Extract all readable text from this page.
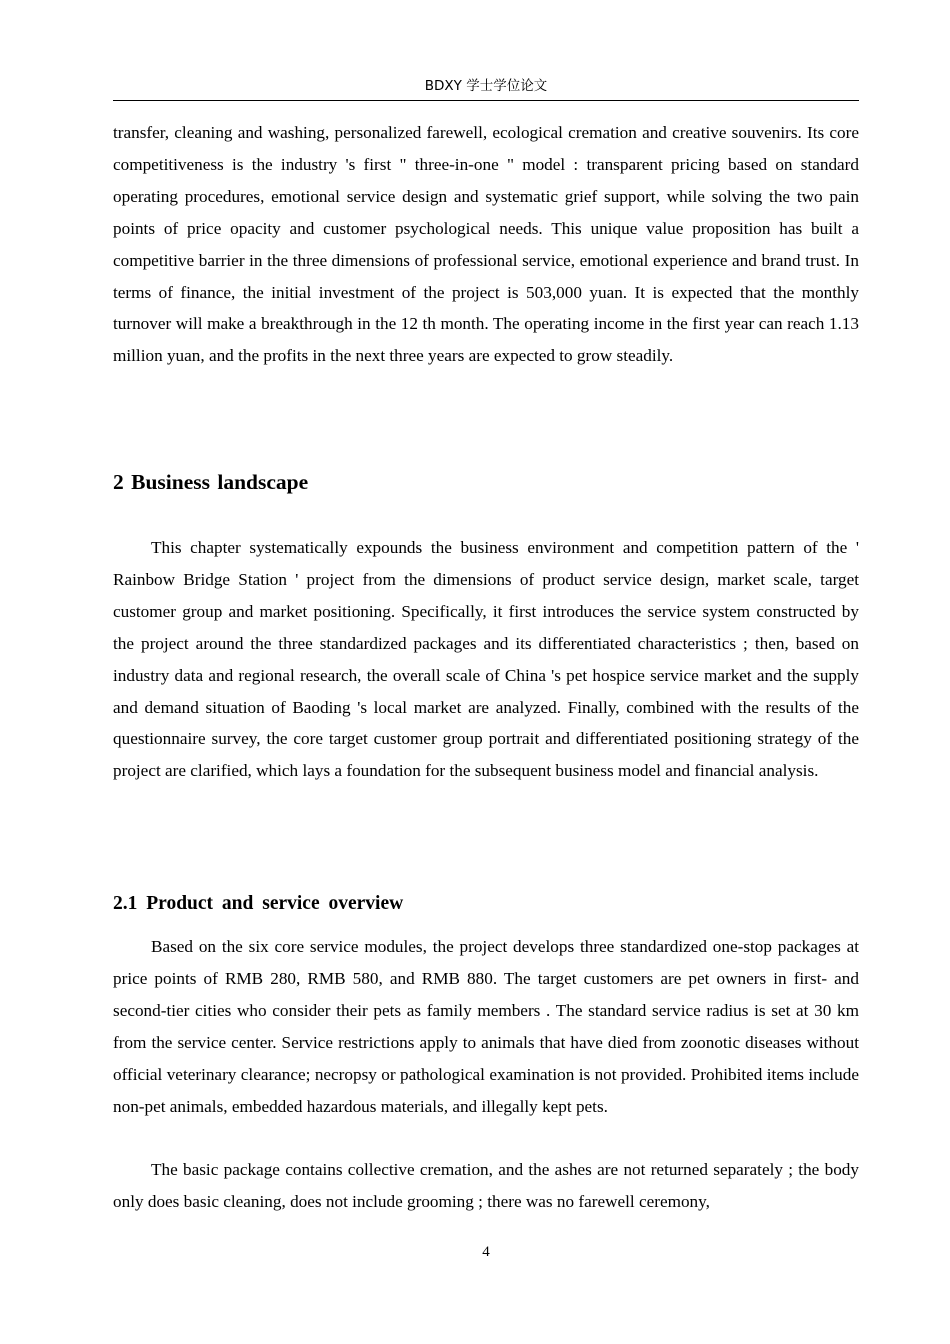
BDXY 学士学位论文

transfer, cleaning and washing, personalized farewell, ecological cremation and creative souvenirs. Its core competitiveness is the industry 's first " three-in-one " model : transparent pricing based on standard operating procedures, emotional service design and systematic grief support, while solving the two pain points of price opacity and customer psychological needs. This unique value proposition has built a competitive barrier in the three dimensions of professional service, emotional experience and brand trust. In terms of finance, the initial investment of the project is 503,000 yuan. It is expected that the monthly turnover will make a breakthrough in the 12 th month. The operating income in the first year can reach 1.13 million yuan, and the profits in the next three years are expected to grow steadily.

2 Business landscape

This chapter systematically expounds the business environment and competition pattern of the ' Rainbow Bridge Station ' project from the dimensions of product service design, market scale, target customer group and market positioning. Specifically, it first introduces the service system constructed by the project around the three standardized packages and its differentiated characteristics ; then, based on industry data and regional research, the overall scale of China 's pet hospice service market and the supply and demand situation of Baoding 's local market are analyzed. Finally, combined with the results of the questionnaire survey, the core target customer group portrait and differentiated positioning strategy of the project are clarified, which lays a foundation for the subsequent business model and financial analysis.

2.1 Product and service overview

Based on the six core service modules, the project develops three standardized one-stop packages at price points of RMB 280, RMB 580, and RMB 880. The target customers are pet owners in first- and second-tier cities who consider their pets as family members . The standard service radius is set at 30 km from the service center. Service restrictions apply to animals that have died from zoonotic diseases without official veterinary clearance; necropsy or pathological examination is not provided. Prohibited items include non-pet animals, embedded hazardous materials, and illegally kept pets.

The basic package contains collective cremation, and the ashes are not returned separately ; the body only does basic cleaning, does not include grooming ; there was no farewell ceremony,

4
